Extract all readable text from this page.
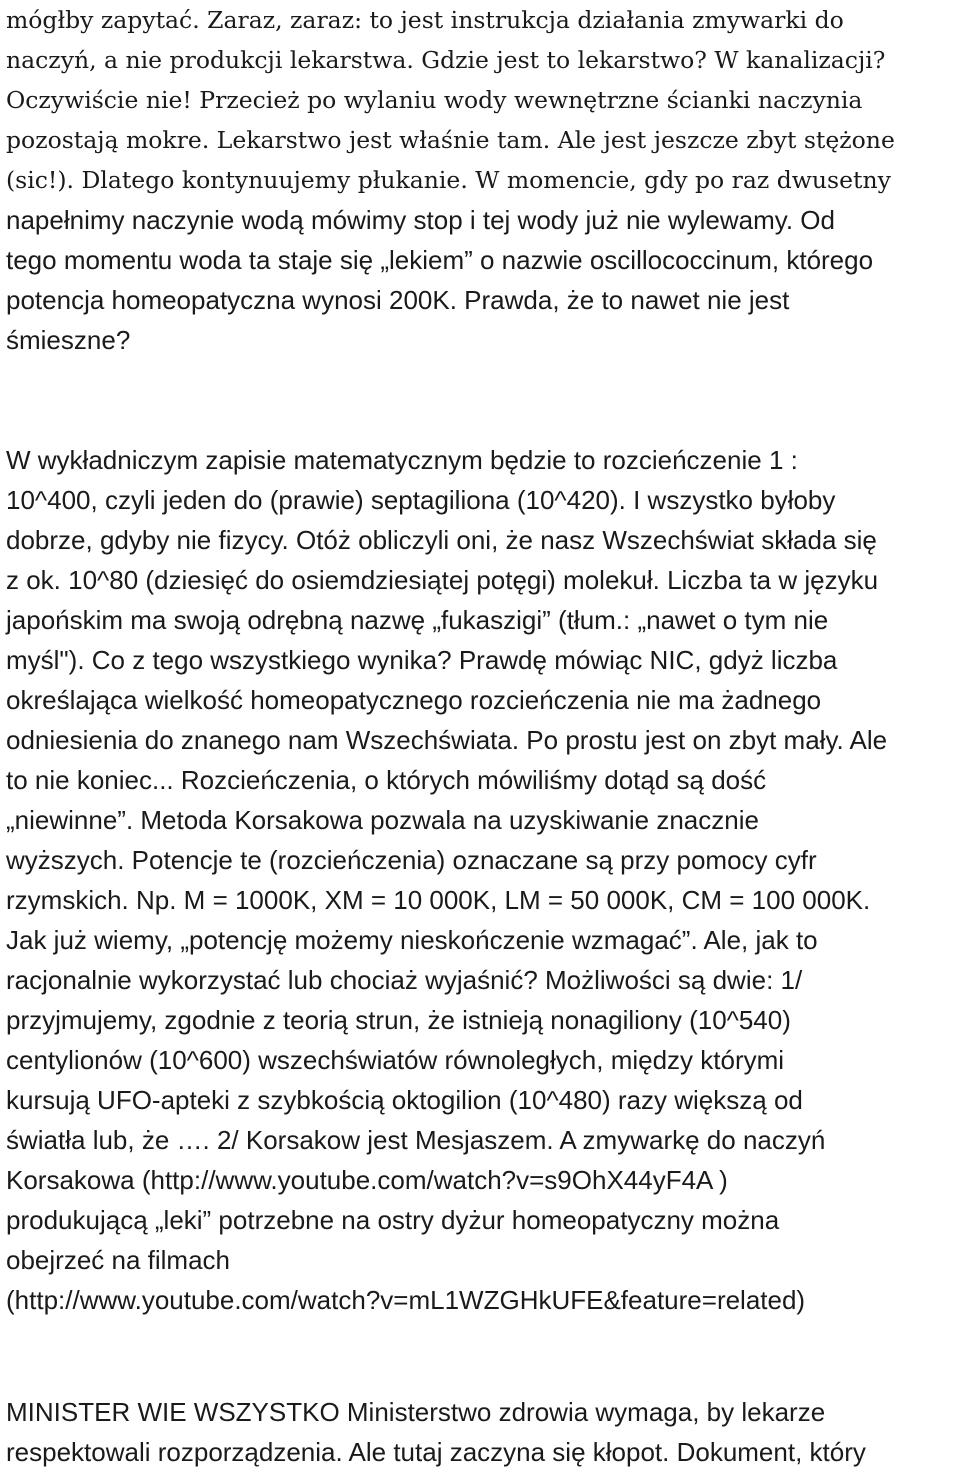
mógłby zapytać. Zaraz, zaraz: to jest instrukcja działania zmywarki do
naczyń, a nie produkcji lekarstwa. Gdzie jest to lekarstwo? W kanalizacji?
Oczywiście nie! Przecież po wylaniu wody wewnętrzne ścianki naczynia
pozostają mokre. Lekarstwo jest właśnie tam. Ale jest jeszcze zbyt stężone
(sic!). Dlatego kontynuujemy płukanie. W momencie, gdy po raz dwusetny
napełnimy naczynie wodą mówimy stop i tej wody już nie wylewamy. Od
tego momentu woda ta staje się „lekiem” o nazwie oscillococcinum, którego
potencja homeopatyczna wynosi 200K. Prawda, że to nawet nie jest
śmieszne?
W wykładniczym zapisie matematycznym będzie to rozcieńczenie 1 :
10^400, czyli jeden do (prawie) septagiliona (10^420). I wszystko byłoby
dobrze, gdyby nie fizycy. Otóż obliczyli oni, że nasz Wszechświat składa się
z ok. 10^80 (dziesięć do osiemdziesiątej potęgi) molekuł. Liczba ta w języku
japońskim ma swoją odrębną nazwę „fukaszigi” (tłum.: „nawet o tym nie
myśl"). Co z tego wszystkiego wynika? Prawdę mówiąc NIC, gdyż liczba
określająca wielkość homeopatycznego rozcieńczenia nie ma żadnego
odniesienia do znanego nam Wszechświata. Po prostu jest on zbyt mały. Ale
to nie koniec... Rozcieńczenia, o których mówiliśmy dotąd są dość
„niewinne”. Metoda Korsakowa pozwala na uzyskiwanie znacznie
wyższych. Potencje te (rozcieńczenia) oznaczane są przy pomocy cyfr
rzymskich. Np. M = 1000K, XM = 10 000K, LM = 50 000K, CM = 100 000K.
Jak już wiemy, „potencję możemy nieskończenie wzmagać”. Ale, jak to
racjonalnie wykorzystać lub chociaż wyjaśnić? Możliwości są dwie: 1/
przyjmujemy, zgodnie z teorią strun, że istnieją nonagiliony (10^540)
centylionów (10^600) wszechświatów równoległych, między którymi
kursują UFO-apteki z szybkością oktogilion (10^480) razy większą od
światła lub, że …. 2/ Korsakow jest Mesjaszem. A zmywarkę do naczyń
Korsakowa (http://www.youtube.com/watch?v=s9OhX44yF4A )
produkującą „leki” potrzebne na ostry dyżur homeopatyczny można
obejrzeć na filmach
(http://www.youtube.com/watch?v=mL1WZGHkUFE&feature=related)
MINISTER WIE WSZYSTKO Ministerstwo zdrowia wymaga, by lekarze
respektowali rozporządzenia. Ale tutaj zaczyna się kłopot. Dokument, który
